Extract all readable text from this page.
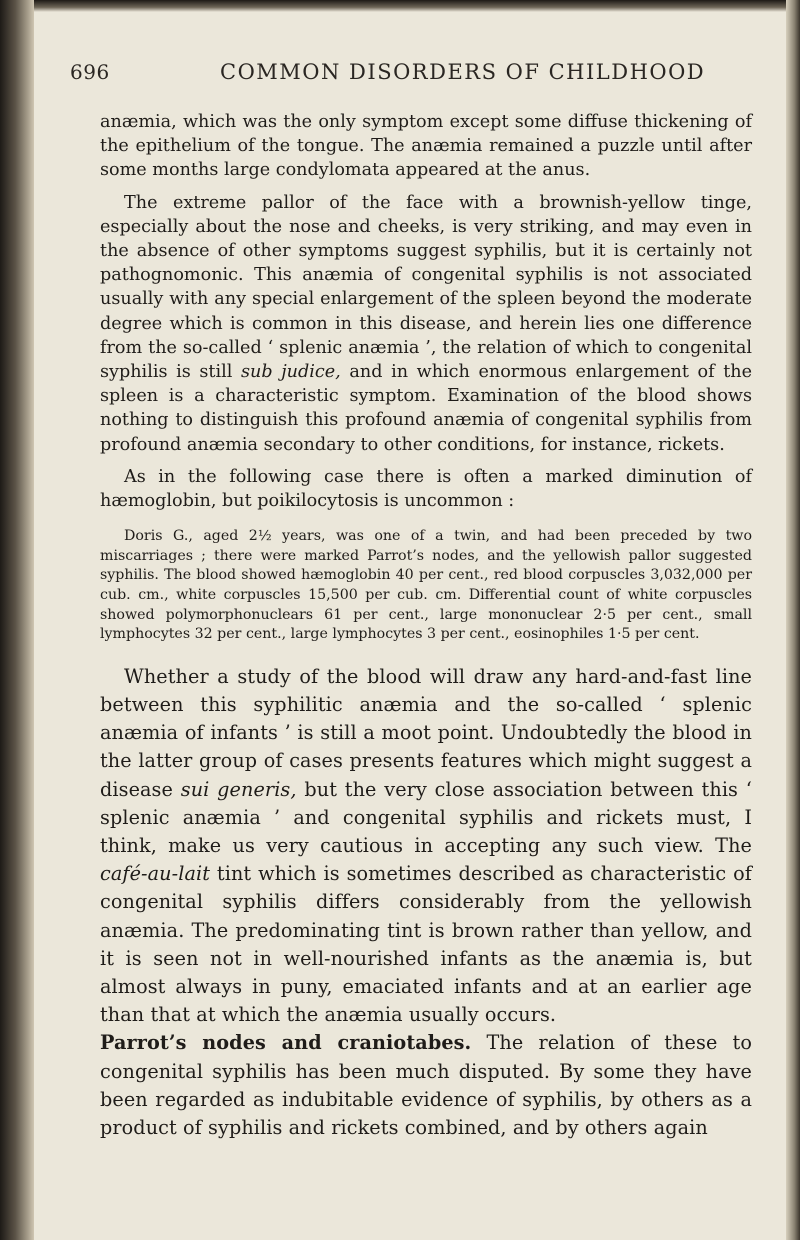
696	COMMON DISORDERS OF CHILDHOOD

anæmia, which was the only symptom except some diffuse thickening of the epithelium of the tongue. The anæmia remained a puzzle until after some months large condylomata appeared at the anus.

The extreme pallor of the face with a brownish-yellow tinge, especially about the nose and cheeks, is very striking, and may even in the absence of other symptoms suggest syphilis, but it is certainly not pathognomonic. This anæmia of congenital syphilis is not associated usually with any special enlargement of the spleen beyond the moderate degree which is common in this disease, and herein lies one difference from the so-called ‘ splenic anæmia ’, the relation of which to congenital syphilis is still sub judice, and in which enormous enlargement of the spleen is a characteristic symptom. Examination of the blood shows nothing to distinguish this profound anæmia of congenital syphilis from profound anæmia secondary to other conditions, for instance, rickets.

As in the following case there is often a marked diminution of hæmoglobin, but poikilocytosis is uncommon :

Doris G., aged 2½ years, was one of a twin, and had been preceded by two miscarriages ; there were marked Parrot’s nodes, and the yellowish pallor suggested syphilis. The blood showed hæmoglobin 40 per cent., red blood corpuscles 3,032,000 per cub. cm., white corpuscles 15,500 per cub. cm. Differential count of white corpuscles showed polymorphonuclears 61 per cent., large mononuclear 2·5 per cent., small lymphocytes 32 per cent., large lymphocytes 3 per cent., eosinophiles 1·5 per cent.

Whether a study of the blood will draw any hard-and-fast line between this syphilitic anæmia and the so-called ‘ splenic anæmia of infants ’ is still a moot point. Undoubtedly the blood in the latter group of cases presents features which might suggest a disease sui generis, but the very close association between this ‘ splenic anæmia ’ and congenital syphilis and rickets must, I think, make us very cautious in accepting any such view. The café-au-lait tint which is sometimes described as characteristic of congenital syphilis differs considerably from the yellowish anæmia. The predominating tint is brown rather than yellow, and it is seen not in well-nourished infants as the anæmia is, but almost always in puny, emaciated infants and at an earlier age than that at which the anæmia usually occurs.

Parrot’s nodes and craniotabes. The relation of these to congenital syphilis has been much disputed. By some they have been regarded as indubitable evidence of syphilis, by others as a product of syphilis and rickets combined, and by others again
